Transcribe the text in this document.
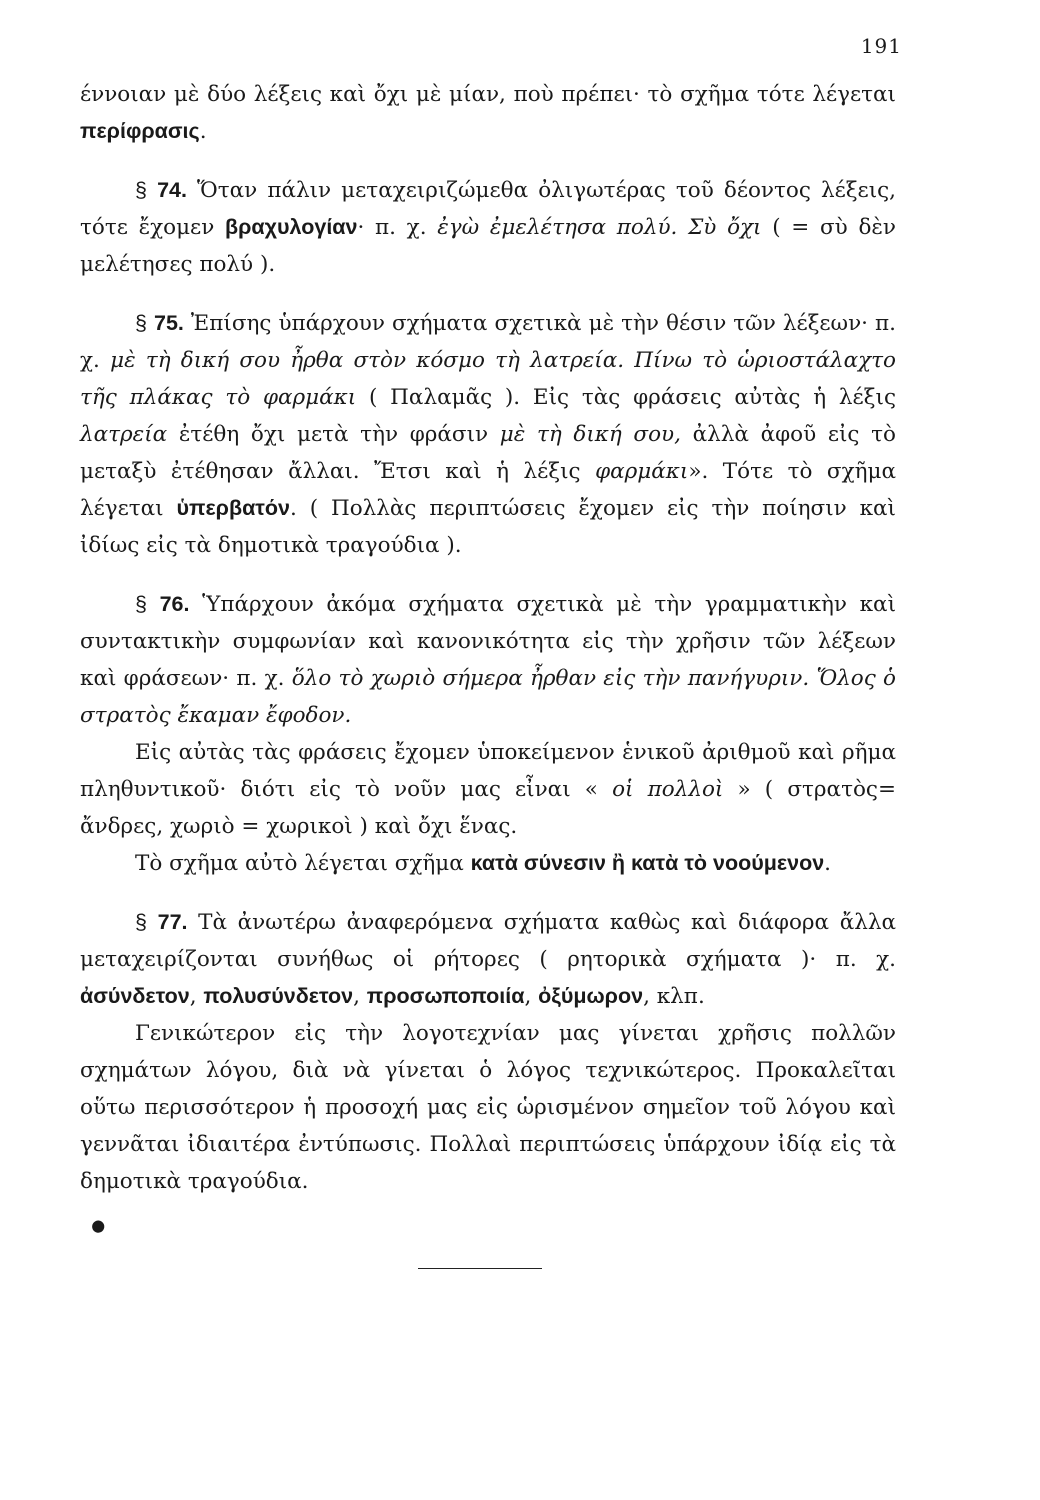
191

έννοιαν μὲ δύο λέξεις καὶ ὄχι μὲ μίαν, ποὺ πρέπει· τὸ σχῆμα τότε λέγεται περίφρασις.

§ 74. Ὅταν πάλιν μεταχειριζώμεθα ὀλιγωτέρας τοῦ δέοντος λέξεις, τότε ἔχομεν βραχυλογίαν· π. χ. ἐγὼ ἐμελέτησα πολύ. Σὺ ὄχι ( = σὺ δὲν μελέτησες πολύ ).

§ 75. Ἐπίσης ὑπάρχουν σχήματα σχετικὰ μὲ τὴν θέσιν τῶν λέξεων· π. χ. μὲ τὴ δική σου ἦρθα στὸν κόσμο τὴ λατρεία. Πίνω τὸ ὡριοστάλαχτο τῆς πλάκας τὸ φαρμάκι ( Παλαμᾶς ). Εἰς τὰς φράσεις αὐτὰς ἡ λέξις λατρεία ἐτέθη ὄχι μετὰ τὴν φράσιν μὲ τὴ δική σου, ἀλλὰ ἀφοῦ εἰς τὸ μεταξὺ ἐτέθησαν ἄλλαι. Ἔτσι καὶ ἡ λέξις φαρμάκι». Τότε τὸ σχῆμα λέγεται ὑπερβατόν. ( Πολλὰς περιπτώσεις ἔχομεν εἰς τὴν ποίησιν καὶ ἰδίως εἰς τὰ δημοτικὰ τραγούδια ).

§ 76. Ὑπάρχουν ἀκόμα σχήματα σχετικὰ μὲ τὴν γραμματικὴν καὶ συντακτικὴν συμφωνίαν καὶ κανονικότητα εἰς τὴν χρῆσιν τῶν λέξεων καὶ φράσεων· π. χ. ὅλο τὸ χωριὸ σήμερα ἦρθαν εἰς τὴν πανήγυριν. Ὅλος ὁ στρατὸς ἔκαμαν ἔφοδον.

Εἰς αὐτὰς τὰς φράσεις ἔχομεν ὑποκείμενον ἑνικοῦ ἀριθμοῦ καὶ ρῆμα πληθυντικοῦ· διότι εἰς τὸ νοῦν μας εἶναι « οἱ πολλοὶ » ( στρατὸς= ἄνδρες, χωριὸ = χωρικοὶ ) καὶ ὄχι ἕνας.

Τὸ σχῆμα αὐτὸ λέγεται σχῆμα κατὰ σύνεσιν ἢ κατὰ τὸ νοούμενον.

§ 77. Τὰ ἀνωτέρω ἀναφερόμενα σχήματα καθὼς καὶ διάφορα ἄλλα μεταχειρίζονται συνήθως οἱ ρήτορες ( ρητορικὰ σχήματα )· π. χ. ἀσύνδετον, πολυσύνδετον, προσωποποιία, ὀξύμωρον, κλπ.

Γενικώτερον εἰς τὴν λογοτεχνίαν μας γίνεται χρῆσις πολλῶν σχημάτων λόγου, διὰ νὰ γίνεται ὁ λόγος τεχνικώτερος. Προκαλεῖται οὕτω περισσότερον ἡ προσοχή μας εἰς ὡρισμένον σημεῖον τοῦ λόγου καὶ γεννᾶται ἰδιαιτέρα ἐντύπωσις. Πολλαὶ περιπτώσεις ὑπάρχουν ἰδίᾳ εἰς τὰ δημοτικὰ τραγούδια.

●
